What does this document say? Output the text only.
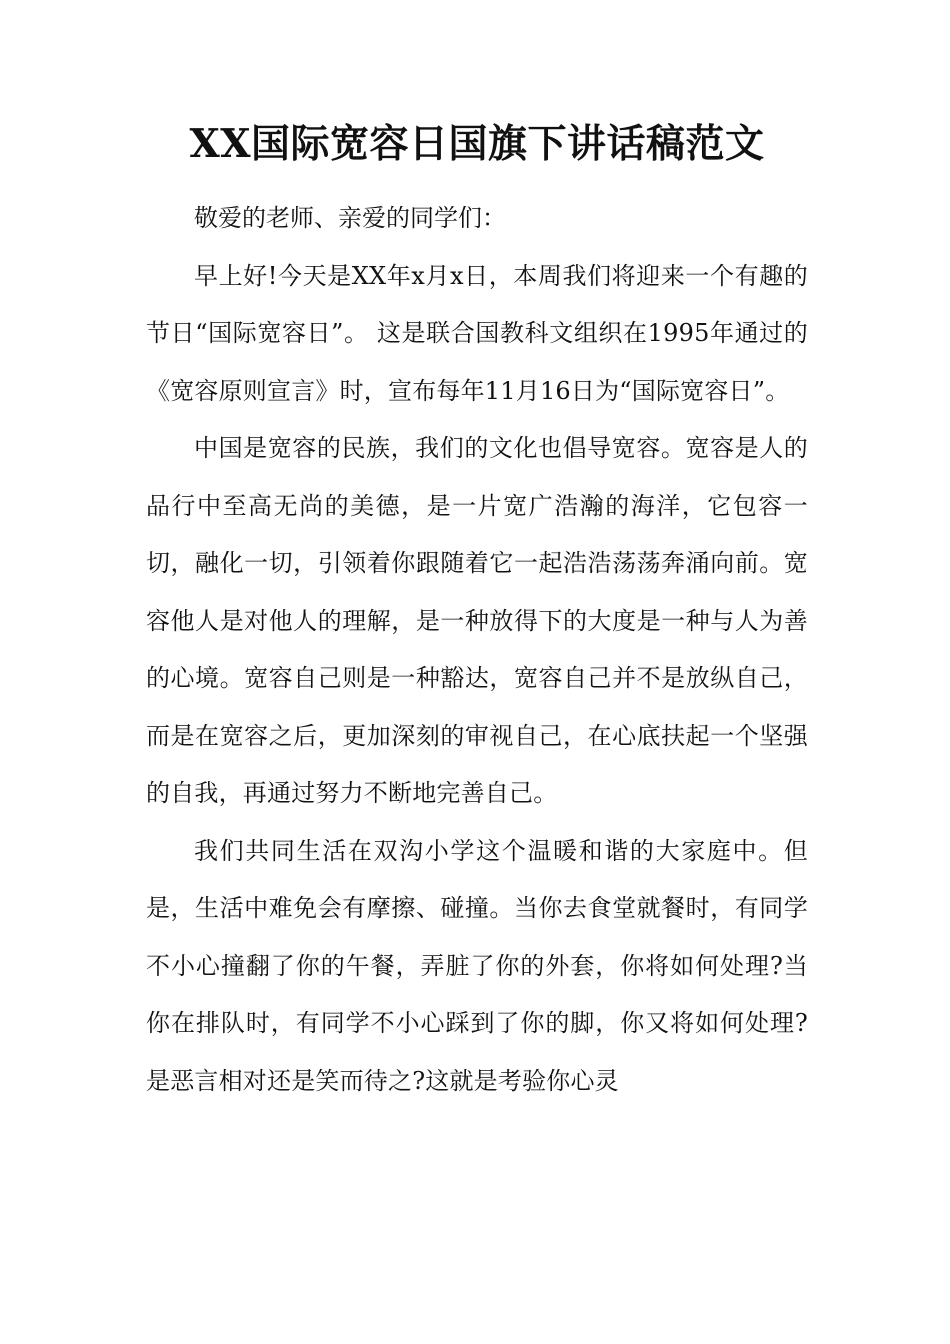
XX国际宽容日国旗下讲话稿范文

敬爱的老师、亲爱的同学们：

早上好!今天是XX年x月x日，本周我们将迎来一个有趣的节日“国际宽容日”。 这是联合国教科文组织在1995年通过的《宽容原则宣言》时，宣布每年11月16日为“国际宽容日”。

中国是宽容的民族，我们的文化也倡导宽容。宽容是人的品行中至高无尚的美德，是一片宽广浩瀚的海洋，它包容一切，融化一切，引领着你跟随着它一起浩浩荡荡奔涌向前。宽容他人是对他人的理解，是一种放得下的大度是一种与人为善的心境。宽容自己则是一种豁达，宽容自己并不是放纵自己，而是在宽容之后，更加深刻的审视自己，在心底扶起一个坚强的自我，再通过努力不断地完善自己。

我们共同生活在双沟小学这个温暖和谐的大家庭中。但是，生活中难免会有摩擦、碰撞。当你去食堂就餐时，有同学不小心撞翻了你的午餐，弄脏了你的外套，你将如何处理?当你在排队时，有同学不小心踩到了你的脚，你又将如何处理?是恶言相对还是笑而待之?这就是考验你心灵
